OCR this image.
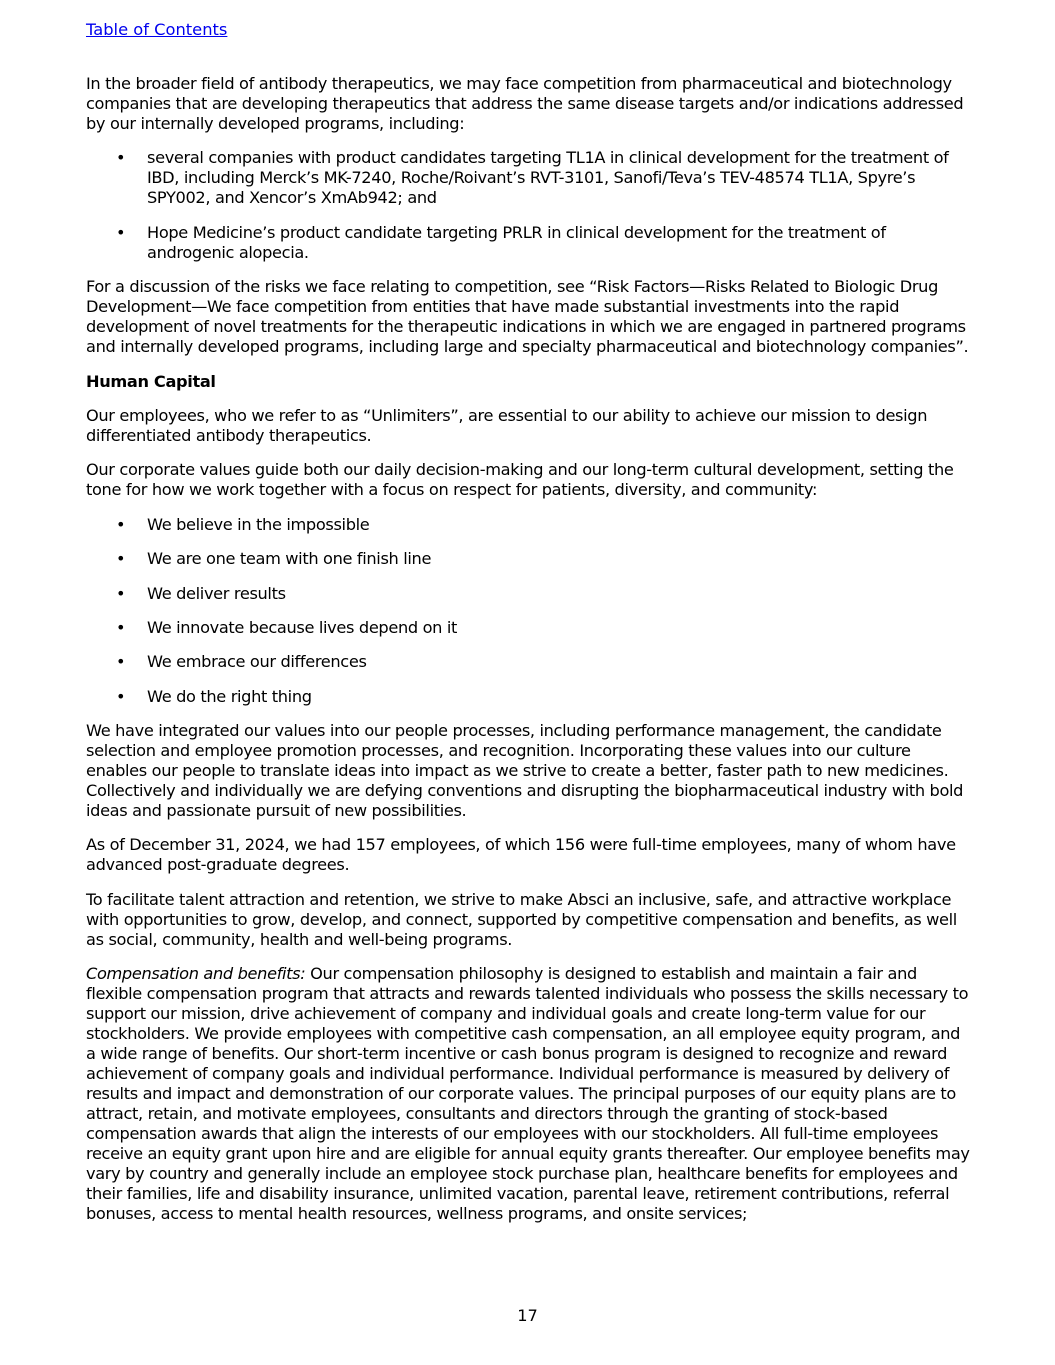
Table of Contents

In the broader field of antibody therapeutics, we may face competition from pharmaceutical and biotechnology companies that are developing therapeutics that address the same disease targets and/or indications addressed by our internally developed programs, including:

• several companies with product candidates targeting TL1A in clinical development for the treatment of IBD, including Merck’s MK-7240, Roche/Roivant’s RVT-3101, Sanofi/Teva’s TEV-48574 TL1A, Spyre’s SPY002, and Xencor’s XmAb942; and
• Hope Medicine’s product candidate targeting PRLR in clinical development for the treatment of androgenic alopecia.

For a discussion of the risks we face relating to competition, see “Risk Factors—Risks Related to Biologic Drug Development—We face competition from entities that have made substantial investments into the rapid development of novel treatments for the therapeutic indications in which we are engaged in partnered programs and internally developed programs, including large and specialty pharmaceutical and biotechnology companies”.

Human Capital

Our employees, who we refer to as “Unlimiters”, are essential to our ability to achieve our mission to design differentiated antibody therapeutics.

Our corporate values guide both our daily decision-making and our long-term cultural development, setting the tone for how we work together with a focus on respect for patients, diversity, and community:

• We believe in the impossible
• We are one team with one finish line
• We deliver results
• We innovate because lives depend on it
• We embrace our differences
• We do the right thing

We have integrated our values into our people processes, including performance management, the candidate selection and employee promotion processes, and recognition. Incorporating these values into our culture enables our people to translate ideas into impact as we strive to create a better, faster path to new medicines. Collectively and individually we are defying conventions and disrupting the biopharmaceutical industry with bold ideas and passionate pursuit of new possibilities.

As of December 31, 2024, we had 157 employees, of which 156 were full-time employees, many of whom have advanced post-graduate degrees.

To facilitate talent attraction and retention, we strive to make Absci an inclusive, safe, and attractive workplace with opportunities to grow, develop, and connect, supported by competitive compensation and benefits, as well as social, community, health and well-being programs.

Compensation and benefits: Our compensation philosophy is designed to establish and maintain a fair and flexible compensation program that attracts and rewards talented individuals who possess the skills necessary to support our mission, drive achievement of company and individual goals and create long-term value for our stockholders. We provide employees with competitive cash compensation, an all employee equity program, and a wide range of benefits. Our short-term incentive or cash bonus program is designed to recognize and reward achievement of company goals and individual performance. Individual performance is measured by delivery of results and impact and demonstration of our corporate values. The principal purposes of our equity plans are to attract, retain, and motivate employees, consultants and directors through the granting of stock-based compensation awards that align the interests of our employees with our stockholders. All full-time employees receive an equity grant upon hire and are eligible for annual equity grants thereafter. Our employee benefits may vary by country and generally include an employee stock purchase plan, healthcare benefits for employees and their families, life and disability insurance, unlimited vacation, parental leave, retirement contributions, referral bonuses, access to mental health resources, wellness programs, and onsite services;

17
